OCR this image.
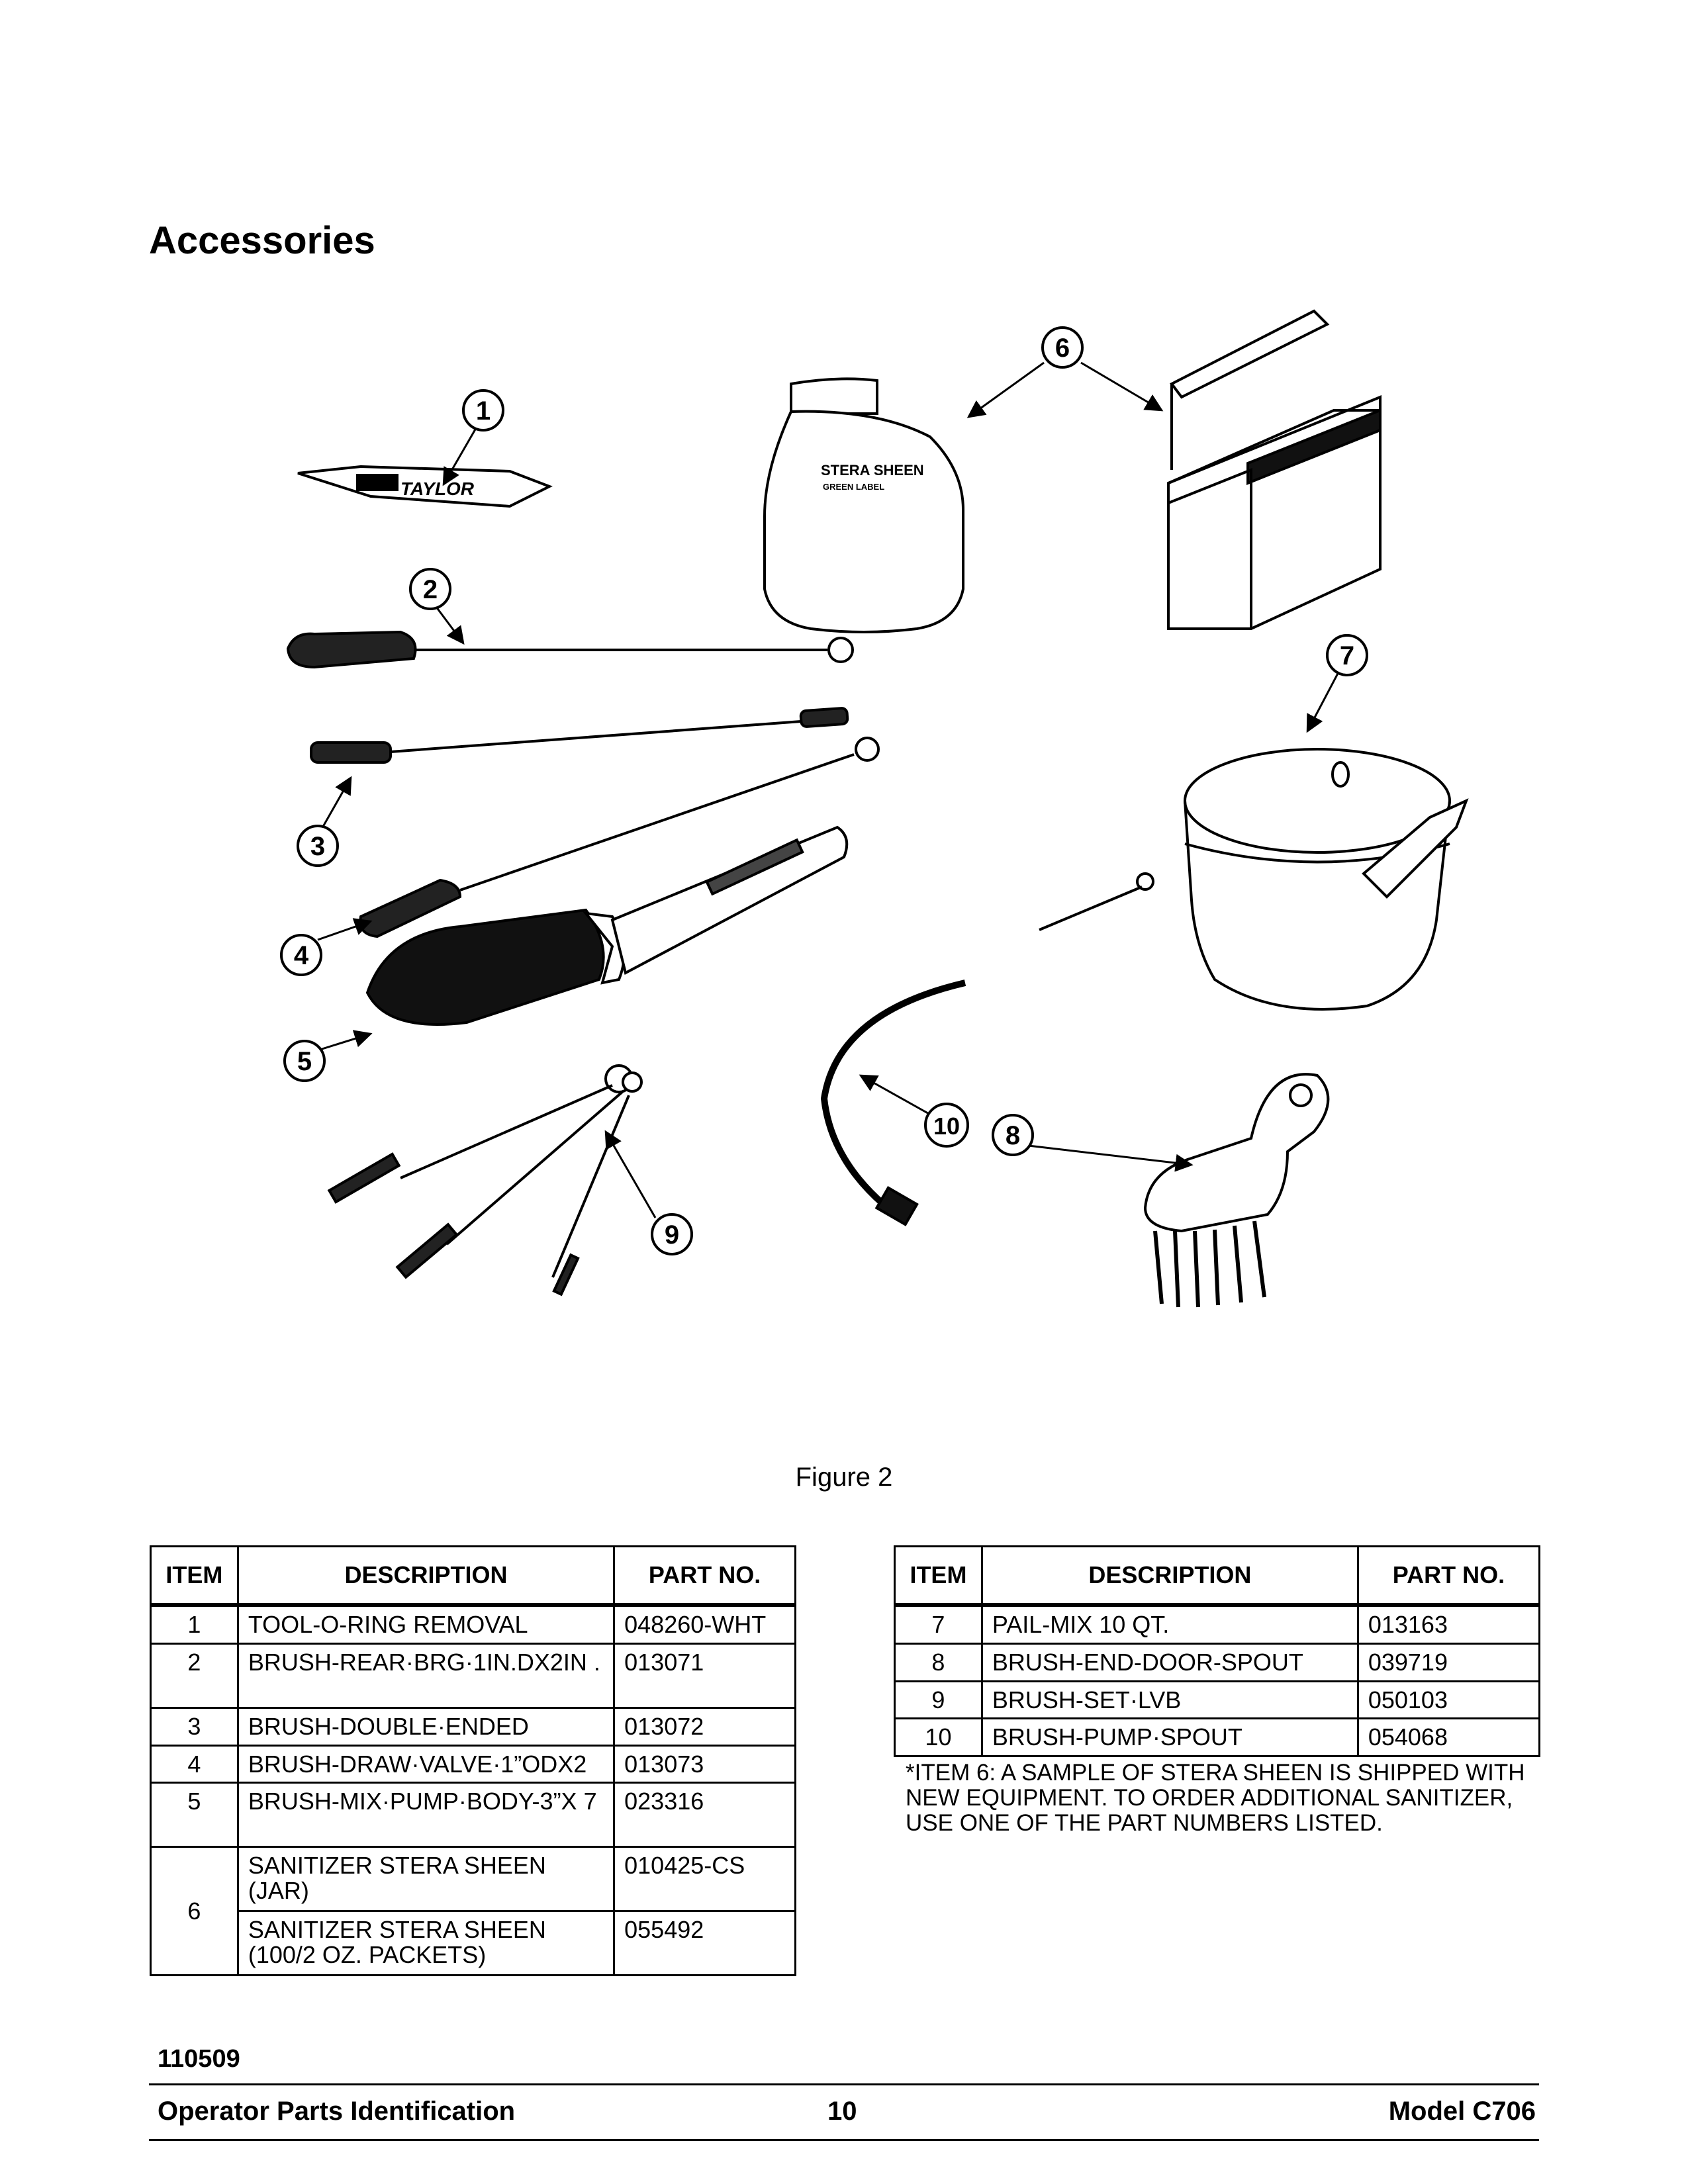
Accessories
TAYLOR
STERA SHEEN
GREEN LABEL
1
2
3
4
5
6
7
8
9
10
Figure 2
ITEM	DESCRIPTION	PART NO.
1	TOOL-O-RING REMOVAL	048260-WHT
2	BRUSH-REAR·BRG·1IN.DX2IN .	013071
3	BRUSH-DOUBLE·ENDED	013072
4	BRUSH-DRAW·VALVE·1”ODX2	013073
5	BRUSH-MIX·PUMP·BODY-3”X 7	023316
6	SANITIZER STERA SHEEN (JAR)	010425-CS
	SANITIZER STERA SHEEN (100/2 OZ. PACKETS)	055492
ITEM	DESCRIPTION	PART NO.
7	PAIL-MIX 10 QT.	013163
8	BRUSH-END-DOOR-SPOUT	039719
9	BRUSH-SET·LVB	050103
10	BRUSH-PUMP·SPOUT	054068

*ITEM 6: A SAMPLE OF STERA SHEEN IS SHIPPED WITH NEW EQUIPMENT. TO ORDER ADDITIONAL SANITIZER, USE ONE OF THE PART NUMBERS LISTED.

110509
Operator Parts Identification	10	Model C706
